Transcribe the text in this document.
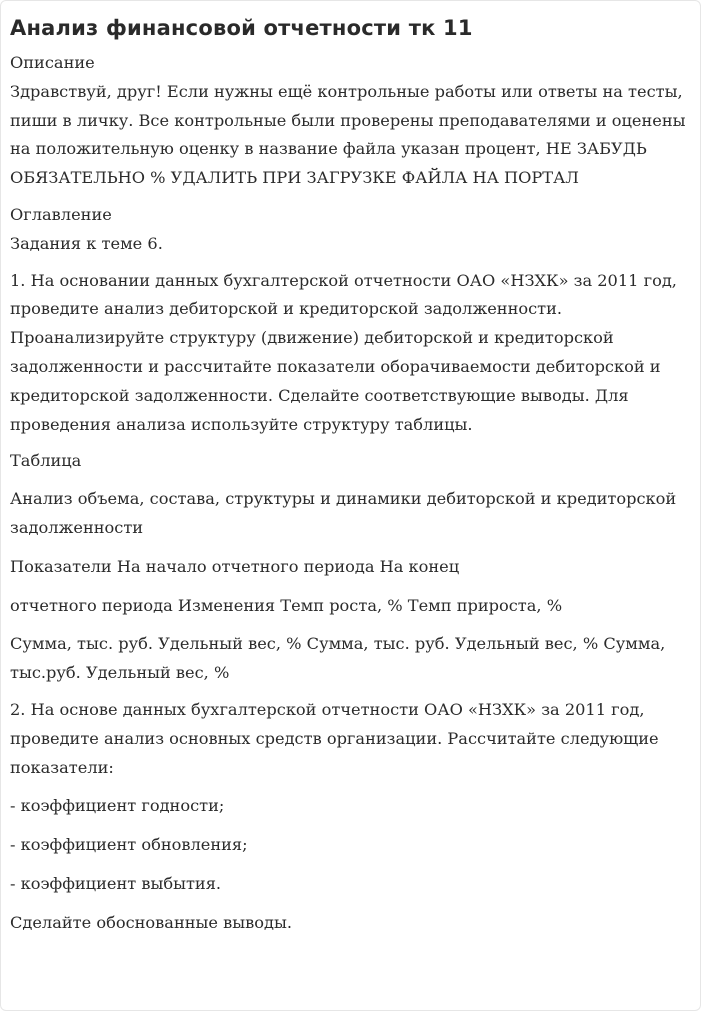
Анализ финансовой отчетности тк 11
Описание
Здравствуй, друг! Если нужны ещё контрольные работы или ответы на тесты, пиши в личку. Все контрольные были проверены преподавателями и оценены на положительную оценку в название файла указан процент, НЕ ЗАБУДЬ ОБЯЗАТЕЛЬНО % УДАЛИТЬ ПРИ ЗАГРУЗКЕ ФАЙЛА НА ПОРТАЛ
Оглавление
Задания к теме 6.
1. На основании данных бухгалтерской отчетности ОАО «НЗХК» за 2011 год, проведите анализ дебиторской и кредиторской задолженности. Проанализируйте структуру (движение) дебиторской и кредиторской задолженности и рассчитайте показатели оборачиваемости дебиторской и кредиторской задолженности. Сделайте соответствующие выводы. Для проведения анализа используйте структуру таблицы.
Таблица
Анализ объема, состава, структуры и динамики дебиторской и кредиторской задолженности
Показатели На начало отчетного периода На конец
отчетного периода Изменения Темп роста, % Темп прироста, %
Сумма, тыс. руб. Удельный вес, % Сумма, тыс. руб. Удельный вес, % Сумма, тыс.руб. Удельный вес, %
2. На основе данных бухгалтерской отчетности ОАО «НЗХК» за 2011 год, проведите анализ основных средств организации. Рассчитайте следующие показатели:
- коэффициент годности;
- коэффициент обновления;
- коэффициент выбытия.
Сделайте обоснованные выводы.
